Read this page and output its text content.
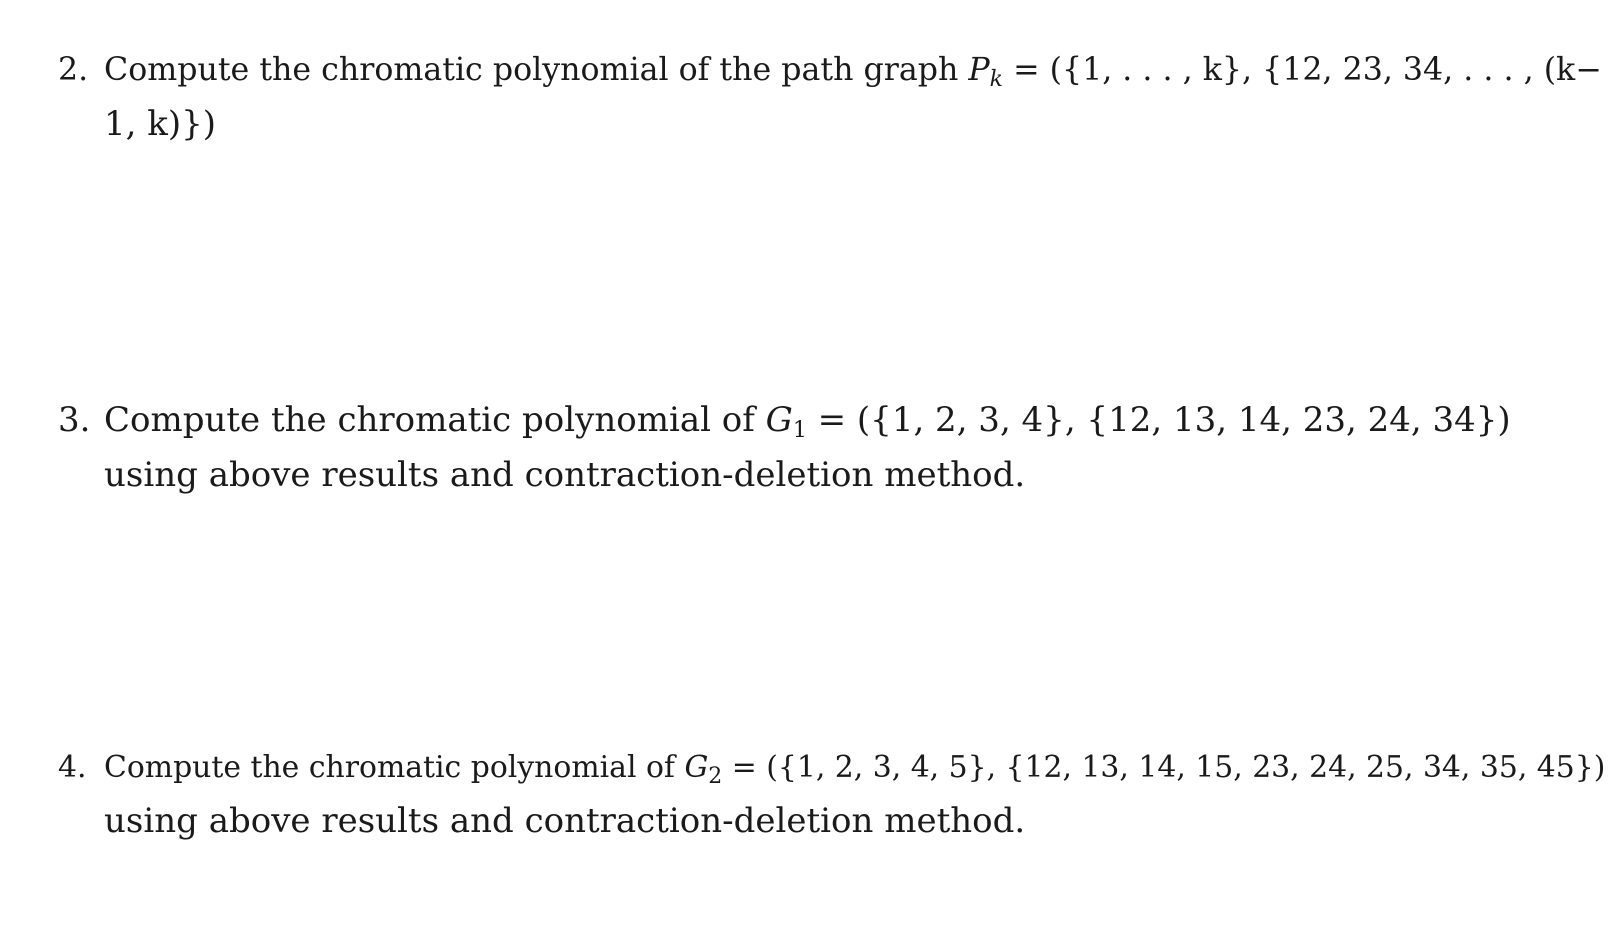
2. Compute the chromatic polynomial of the path graph $P_k = (\{1$, . . . , k}, {12, 23, 34, . . . , (k−
1, k)})
3. Compute the chromatic polynomial of $G_1 = (\{1$, 2, 3, 4}, {12, 13, 14, 23, 24, 34})
using above results and contraction-deletion method.
4. Compute the chromatic polynomial of $G_2 = (\{1$, 2, 3, 4, 5}, {12, 13, 14, 15, 23, 24, 25, 34, 35, 45})
using above results and contraction-deletion method.
